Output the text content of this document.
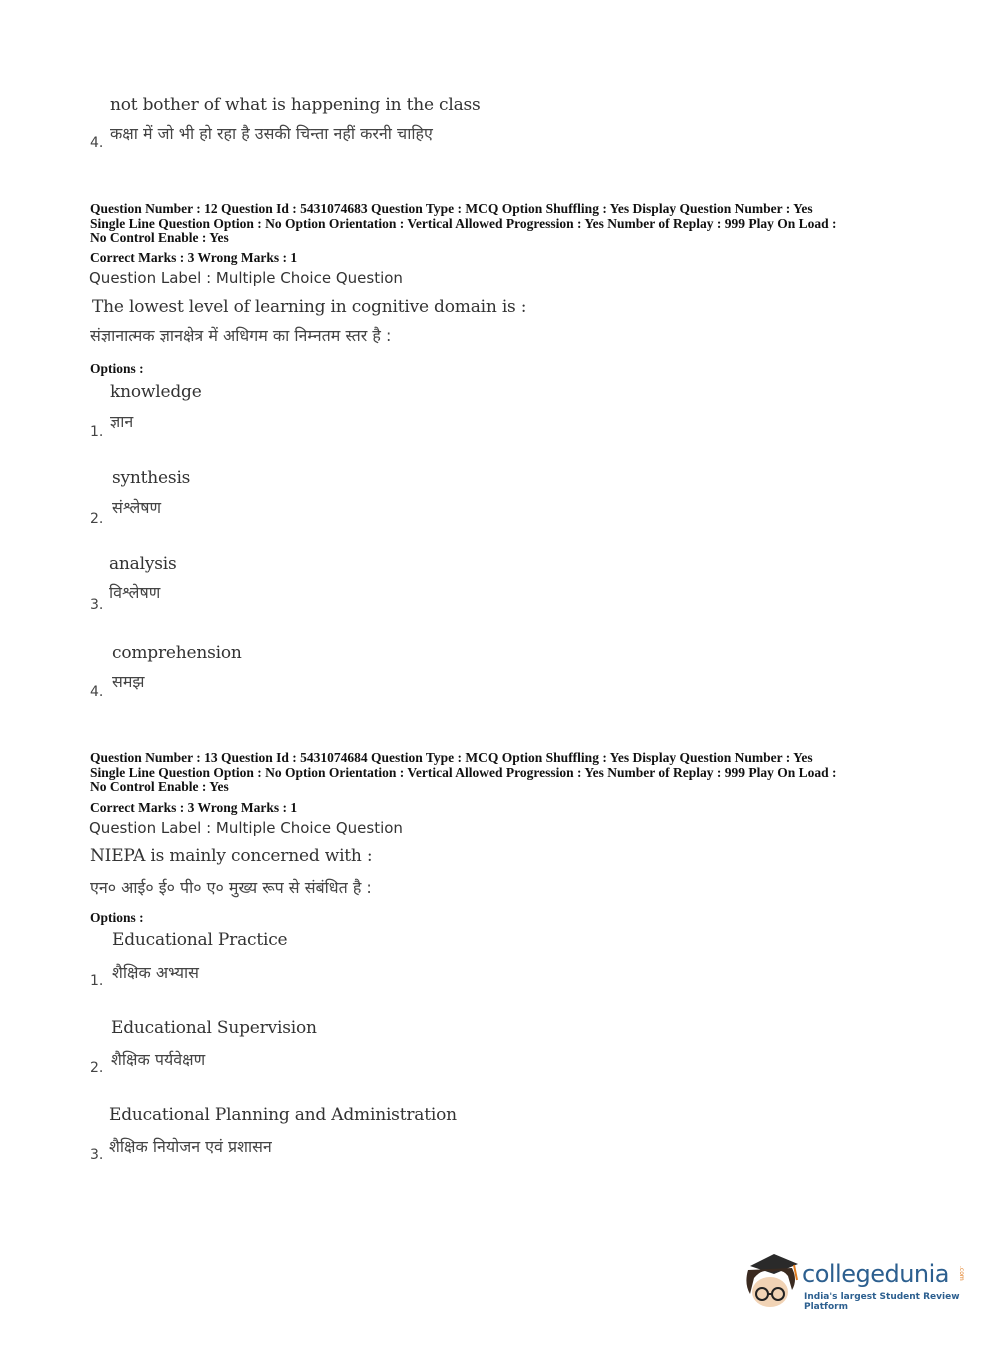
not bother of what is happening in the class
कक्षा में जो भी हो रहा है उसकी चिन्ता नहीं करनी चाहिए
4.
Question Number : 12 Question Id : 5431074683 Question Type : MCQ Option Shuffling : Yes Display Question Number : Yes
Single Line Question Option : No Option Orientation : Vertical Allowed Progression : Yes Number of Replay : 999 Play On Load :
No Control Enable : Yes
Correct Marks : 3 Wrong Marks : 1
Question Label : Multiple Choice Question
The lowest level of learning in cognitive domain is :
संज्ञानात्मक ज्ञानक्षेत्र में अधिगम का निम्नतम स्तर है :
Options :
knowledge
ज्ञान
1.
synthesis
संश्लेषण
2.
analysis
विश्लेषण
3.
comprehension
समझ
4.
Question Number : 13 Question Id : 5431074684 Question Type : MCQ Option Shuffling : Yes Display Question Number : Yes
Single Line Question Option : No Option Orientation : Vertical Allowed Progression : Yes Number of Replay : 999 Play On Load :
No Control Enable : Yes
Correct Marks : 3 Wrong Marks : 1
Question Label : Multiple Choice Question
NIEPA is mainly concerned with :
एन० आई० ई० पी० ए० मुख्य रूप से संबंधित है :
Options :
Educational Practice
शैक्षिक अभ्यास
1.
Educational Supervision
शैक्षिक पर्यवेक्षण
2.
Educational Planning and Administration
शैक्षिक नियोजन एवं प्रशासन
3.
collegedunia .com
India's largest Student Review Platform
